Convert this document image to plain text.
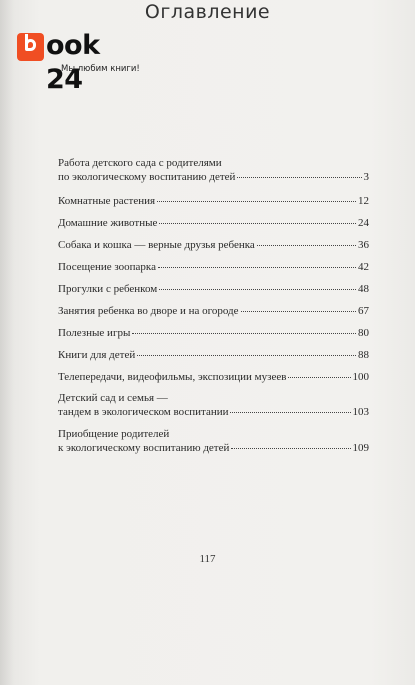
Оглавление
ook 24
Мы любим книги!
Работа детского сада с родителями
по экологическому воспитанию детей	3
Комнатные растения	12
Домашние животные	24
Собака и кошка — верные друзья ребенка	36
Посещение зоопарка	42
Прогулки с ребенком	48
Занятия ребенка во дворе и на огороде	67
Полезные игры	80
Книги для детей	88
Телепередачи, видеофильмы, экспозиции музеев	100
Детский сад и семья —
тандем в экологическом воспитании	103
Приобщение родителей
к экологическому воспитанию детей	109
117
